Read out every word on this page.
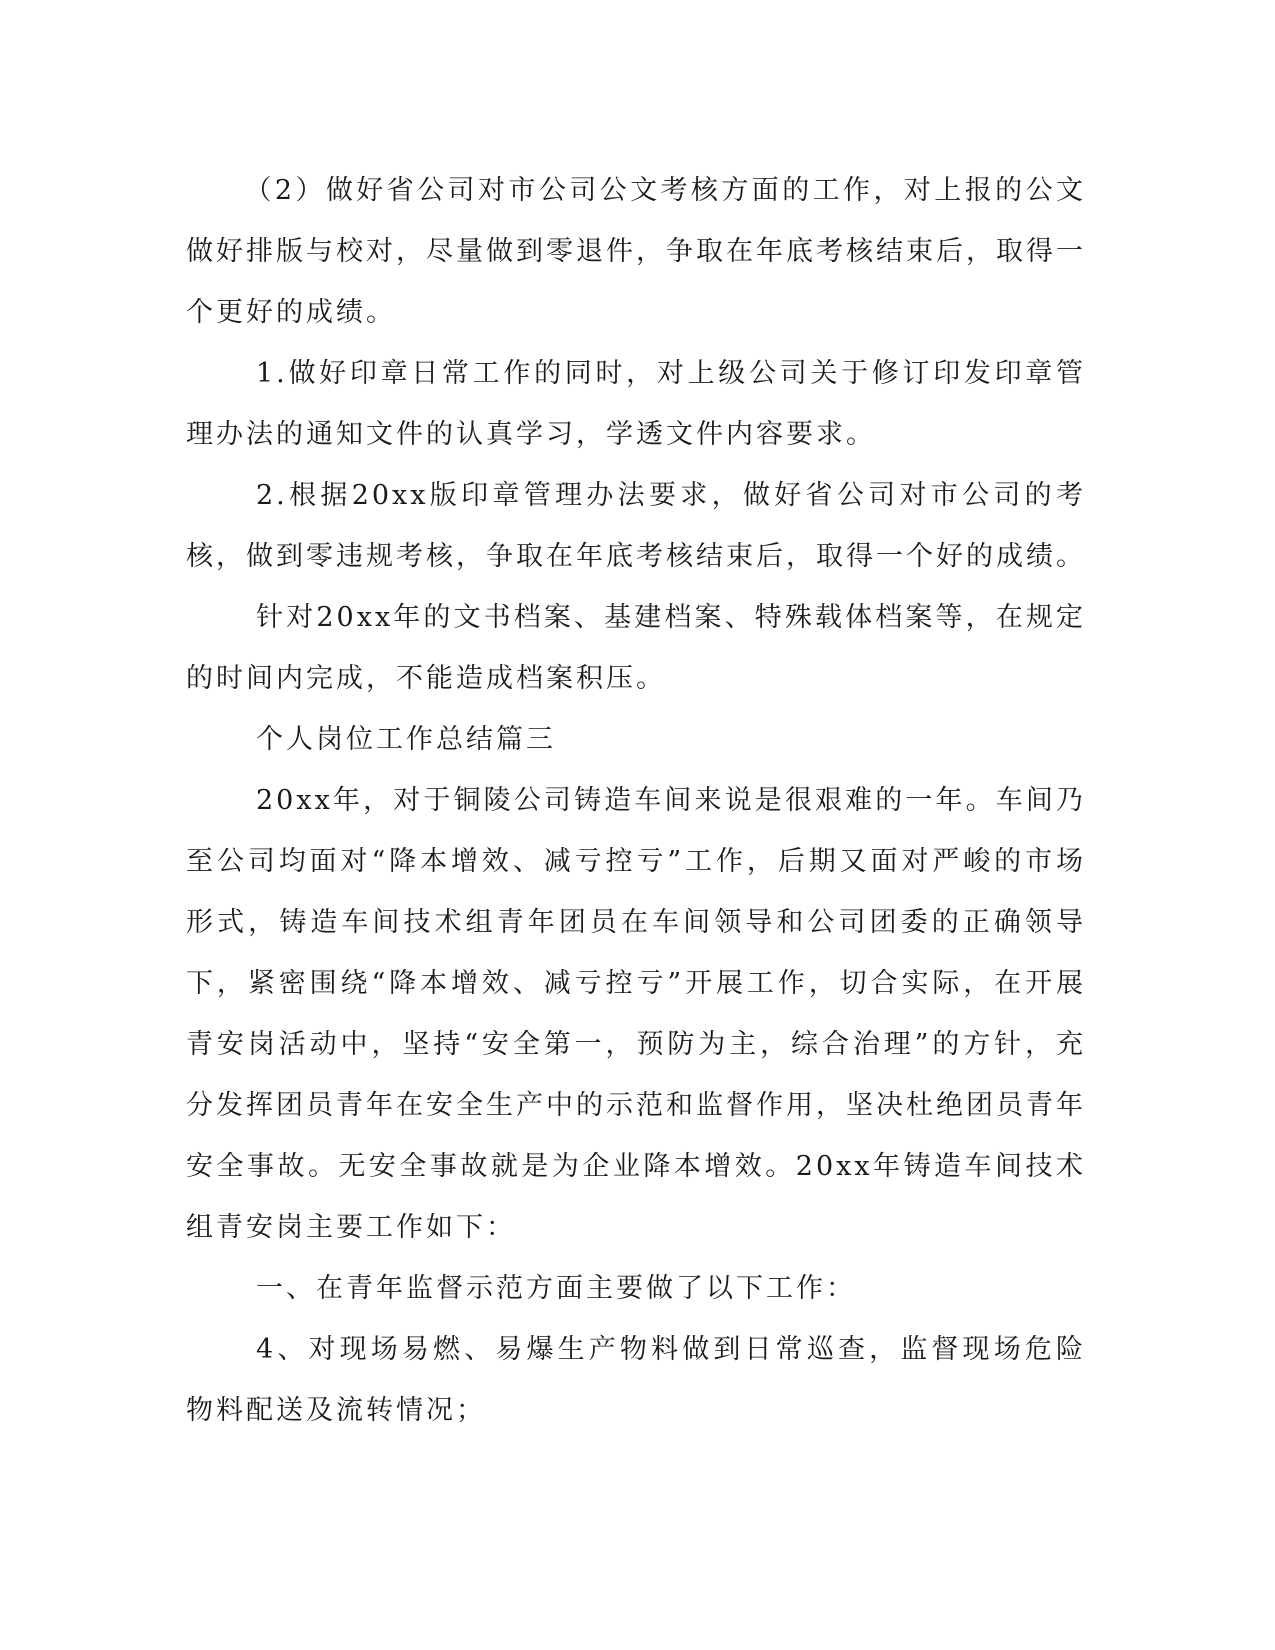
（2）做好省公司对市公司公文考核方面的工作，对上报的公文做好排版与校对，尽量做到零退件，争取在年底考核结束后，取得一个更好的成绩。

1.做好印章日常工作的同时，对上级公司关于修订印发印章管理办法的通知文件的认真学习，学透文件内容要求。

2.根据20xx版印章管理办法要求，做好省公司对市公司的考核，做到零违规考核，争取在年底考核结束后，取得一个好的成绩。

针对20xx年的文书档案、基建档案、特殊载体档案等，在规定的时间内完成，不能造成档案积压。

个人岗位工作总结篇三

20xx年，对于铜陵公司铸造车间来说是很艰难的一年。车间乃至公司均面对“降本增效、减亏控亏”工作，后期又面对严峻的市场形式，铸造车间技术组青年团员在车间领导和公司团委的正确领导下，紧密围绕“降本增效、减亏控亏”开展工作，切合实际，在开展青安岗活动中，坚持“安全第一，预防为主，综合治理”的方针，充分发挥团员青年在安全生产中的示范和监督作用，坚决杜绝团员青年安全事故。无安全事故就是为企业降本增效。20xx年铸造车间技术组青安岗主要工作如下：

一、在青年监督示范方面主要做了以下工作：

4、对现场易燃、易爆生产物料做到日常巡查，监督现场危险物料配送及流转情况；
